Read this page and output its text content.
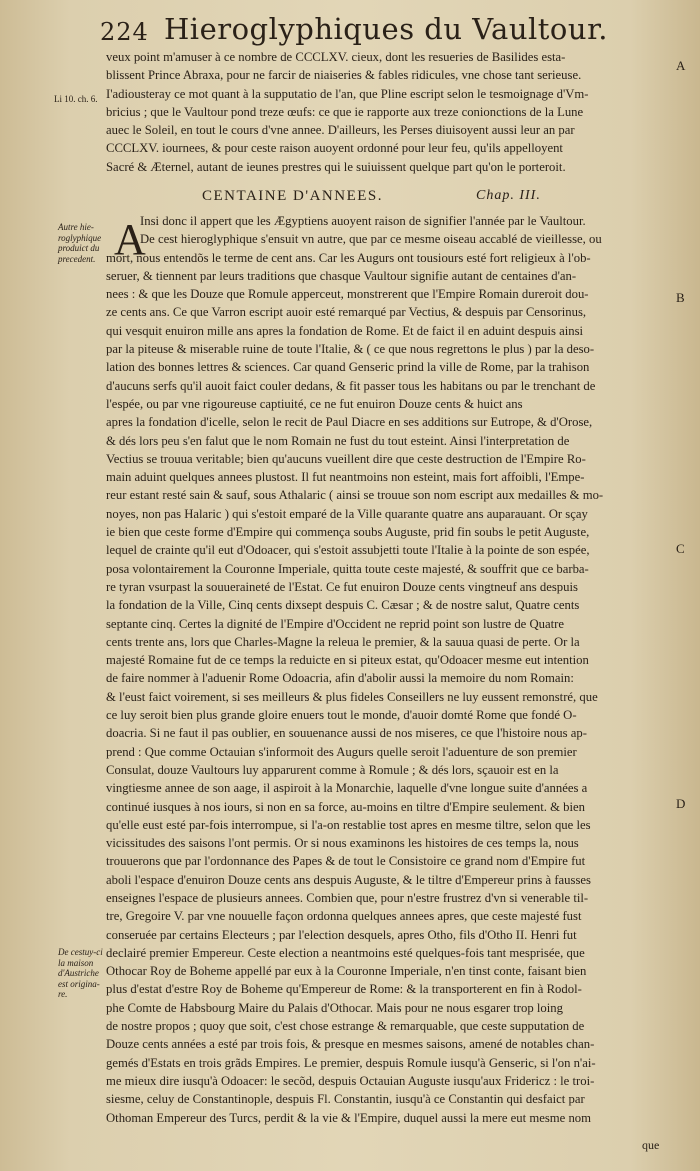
224 Hieroglyphiques du Vaultour.
Li 10. ch. 6.
A
B
C
D
veux point m'amuser à ce nombre de CCCLXV. cieux, dont les resueries de Basilides esta-
blissent Prince Abraxa, pour ne farcir de niaiseries & fables ridicules, vne chose tant serieuse.
I'adiousteray ce mot quant à la supputatio de l'an, que Pline escript selon le tesmoignage d'Vm-
bricius ; que le Vaultour pond treze œufs: ce que ie rapporte aux treze conionctions de la Lune
auec le Soleil, en tout le cours d'vne annee. D'ailleurs, les Perses diuisoyent aussi leur an par
CCCLXV. iournees, & pour ceste raison auoyent ordonné pour leur feu, qu'ils appelloyent
Sacré & Æternel, autant de ieunes prestres qui le suiuissent quelque part qu'on le porteroit.
CENTAINE D'ANNEES.	Chap. III.
Autre hie-
roglyphique
produict du
precedent. A
Insi donc il appert que les Ægyptiens auoyent raison de signifier l'année par le Vaultour.
De cest hieroglyphique s'ensuit vn autre, que par ce mesme oiseau accablé de vieillesse, ou
mort, nous entendõs le terme de cent ans. Car les Augurs ont tousiours esté fort religieux à l'ob-
seruer, & tiennent par leurs traditions que chasque Vaultour signifie autant de centaines d'an-
nees : & que les Douze que Romule apperceut, monstrerent que l'Empire Romain dureroit dou-
ze cents ans. Ce que Varron escript auoir esté remarqué par Vectius, & despuis par Censorinus,
qui vesquit enuiron mille ans apres la fondation de Rome. Et de faict il en aduint despuis ainsi
par la piteuse & miserable ruine de toute l'Italie, & ( ce que nous regrettons le plus ) par la deso-
lation des bonnes lettres & sciences. Car quand Genseric prind la ville de Rome, par la trahison
d'aucuns serfs qu'il auoit faict couler dedans, & fit passer tous les habitans ou par le trenchant de
l'espée, ou par vne rigoureuse captiuité, ce ne fut enuiron Douze cents & huict ans
apres la fondation d'icelle, selon le recit de Paul Diacre en ses additions sur Eutrope, & d'Orose,
& dés lors peu s'en falut que le nom Romain ne fust du tout esteint. Ainsi l'interpretation de
Vectius se trouua veritable; bien qu'aucuns vueillent dire que ceste destruction de l'Empire Ro-
main aduint quelques annees plustost. Il fut neantmoins non esteint, mais fort affoibli, l'Empe-
reur estant resté sain & sauf, sous Athalaric ( ainsi se trouue son nom escript aux medailles & mo-
noyes, non pas Halaric ) qui s'estoit emparé de la Ville quarante quatre ans auparauant. Or sçay
ie bien que ceste forme d'Empire qui commença soubs Auguste, prid fin soubs le petit Auguste,
lequel de crainte qu'il eut d'Odoacer, qui s'estoit assubjetti toute l'Italie à la pointe de son espée,
posa volontairement la Couronne Imperiale, quitta toute ceste majesté, & souffrit que ce barba-
re tyran vsurpast la souueraineté de l'Estat. Ce fut enuiron Douze cents vingtneuf ans despuis
la fondation de la Ville, Cinq cents dixsept despuis C. Cæsar ; & de nostre salut, Quatre cents
septante cinq. Certes la dignité de l'Empire d'Occident ne reprid point son lustre de Quatre
cents trente ans, lors que Charles-Magne la releua le premier, & la sauua quasi de perte. Or la
majesté Romaine fut de ce temps la reduicte en si piteux estat, qu'Odoacer mesme eut intention
de faire nommer à l'aduenir Rome Odoacria, afin d'abolir aussi la memoire du nom Romain:
& l'eust faict voirement, si ses meilleurs & plus fideles Conseillers ne luy eussent remonstré, que
ce luy seroit bien plus grande gloire enuers tout le monde, d'auoir domté Rome que fondé O-
doacria. Si ne faut il pas oublier, en souuenance aussi de nos miseres, ce que l'histoire nous ap-
prend : Que comme Octauian s'informoit des Augurs quelle seroit l'aduenture de son premier
Consulat, douze Vaultours luy apparurent comme à Romule ; & dés lors, sçauoir est en la
vingtiesme annee de son aage, il aspiroit à la Monarchie, laquelle d'vne longue suite d'années a
continué iusques à nos iours, si non en sa force, au-moins en tiltre d'Empire seulement. & bien
qu'elle eust esté par-fois interrompue, si l'a-on restablie tost apres en mesme tiltre, selon que les
vicissitudes des saisons l'ont permis. Or si nous examinons les histoires de ces temps la, nous
trouuerons que par l'ordonnance des Papes & de tout le Consistoire ce grand nom d'Empire fut
aboli l'espace d'enuiron Douze cents ans despuis Auguste, & le tiltre d'Empereur prins à fausses
enseignes l'espace de plusieurs annees. Combien que, pour n'estre frustrez d'vn si venerable til-
tre, Gregoire V. par vne nouuelle façon ordonna quelques annees apres, que ceste majesté fust
conseruée par certains Electeurs ; par l'election desquels, apres Otho, fils d'Otho II. Henri fut
declairé premier Empereur. Ceste election a neantmoins esté quelques-fois tant mesprisée, que
Othocar Roy de Boheme appellé par eux à la Couronne Imperiale, n'en tinst conte, faisant bien
plus d'estat d'estre Roy de Boheme qu'Empereur de Rome: & la transporterent en fin à Rodol-
phe Comte de Habsbourg Maire du Palais d'Othocar. Mais pour ne nous esgarer trop loing
de nostre propos ; quoy que soit, c'est chose estrange & remarquable, que ceste supputation de
Douze cents années a esté par trois fois, & presque en mesmes saisons, amené de notables chan-
gemés d'Estats en trois grãds Empires. Le premier, despuis Romule iusqu'à Genseric, si l'on n'ai-
me mieux dire iusqu'à Odoacer: le secõd, despuis Octauian Auguste iusqu'aux Fridericz : le troi-
siesme, celuy de Constantinople, despuis Fl. Constantin, iusqu'à ce Constantin qui desfaict par
Othoman Empereur des Turcs, perdit & la vie & l'Empire, duquel aussi la mere eut mesme nom
De cestuy-ci
la maison
d'Austriche
est origina-
re.
que
